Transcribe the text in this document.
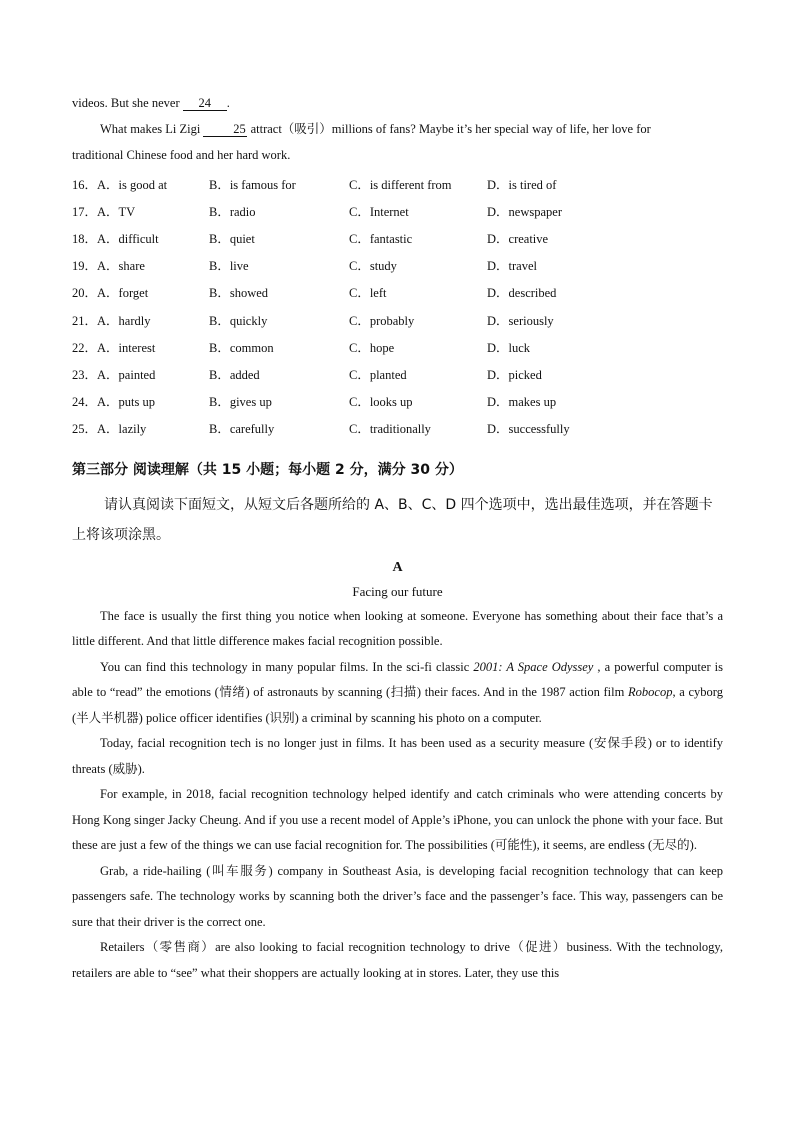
videos. But she never 24 .
What makes Li Zigi 25 attract（吸引）millions of fans? Maybe it’s her special way of life, her love for
traditional Chinese food and her hard work.
16．A．is good at	B．is famous for	C．is different from	D．is tired of
17．A．TV	B．radio	C．Internet	D．newspaper
18．A．difficult	B．quiet	C．fantastic	D．creative
19．A．share	B．live	C．study	D．travel
20．A．forget	B．showed	C．left	D．described
21．A．hardly	B．quickly	C．probably	D．seriously
22．A．interest	B．common	C．hope	D．luck
23．A．painted	B．added	C．planted	D．picked
24．A．puts up	B．gives up	C．looks up	D．makes up
25．A．lazily	B．carefully	C．traditionally	D．successfully
第三部分 阅读理解（共 15 小题；每小题 2 分，满分 30 分）
请认真阅读下面短文，从短文后各题所给的 A、B、C、D 四个选项中，选出最佳选项，并在答题卡上将该项涂黑。
A
Facing our future

The face is usually the first thing you notice when looking at someone. Everyone has something about their face that’s a little different. And that little difference makes facial recognition possible.

You can find this technology in many popular films. In the sci-fi classic 2001: A Space Odyssey , a powerful computer is able to “read” the emotions (情绪) of astronauts by scanning (扫描) their faces. And in the 1987 action film Robocop, a cyborg (半人半机器) police officer identifies (识别) a criminal by scanning his photo on a computer.

Today, facial recognition tech is no longer just in films. It has been used as a security measure (安保手段) or to identify threats (威胁).

For example, in 2018, facial recognition technology helped identify and catch criminals who were attending concerts by Hong Kong singer Jacky Cheung. And if you use a recent model of Apple’s iPhone, you can unlock the phone with your face. But these are just a few of the things we can use facial recognition for. The possibilities (可能性), it seems, are endless (无尽的).

Grab, a ride-hailing (叫车服务) company in Southeast Asia, is developing facial recognition technology that can keep passengers safe. The technology works by scanning both the driver’s face and the passenger’s face. This way, passengers can be sure that their driver is the correct one.

Retailers（零售商）are also looking to facial recognition technology to drive（促进）business. With the technology, retailers are able to “see” what their shoppers are actually looking at in stores. Later, they use this
